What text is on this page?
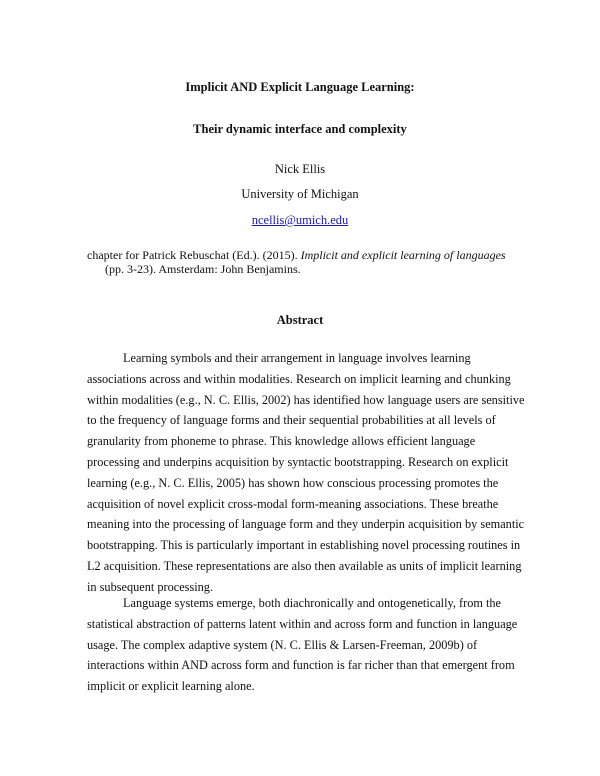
Implicit AND Explicit Language Learning:
Their dynamic interface and complexity
Nick Ellis
University of Michigan
ncellis@umich.edu
chapter for Patrick Rebuschat (Ed.). (2015). Implicit and explicit learning of languages
(pp. 3-23). Amsterdam: John Benjamins.
Abstract
Learning symbols and their arrangement in language involves learning
associations across and within modalities. Research on implicit learning and chunking
within modalities (e.g., N. C. Ellis, 2002) has identified how language users are sensitive
to the frequency of language forms and their sequential probabilities at all levels of
granularity from phoneme to phrase. This knowledge allows efficient language
processing and underpins acquisition by syntactic bootstrapping. Research on explicit
learning (e.g., N. C. Ellis, 2005) has shown how conscious processing promotes the
acquisition of novel explicit cross-modal form-meaning associations. These breathe
meaning into the processing of language form and they underpin acquisition by semantic
bootstrapping. This is particularly important in establishing novel processing routines in
L2 acquisition. These representations are also then available as units of implicit learning
in subsequent processing.
Language systems emerge, both diachronically and ontogenetically, from the
statistical abstraction of patterns latent within and across form and function in language
usage. The complex adaptive system (N. C. Ellis & Larsen-Freeman, 2009b) of
interactions within AND across form and function is far richer than that emergent from
implicit or explicit learning alone.
